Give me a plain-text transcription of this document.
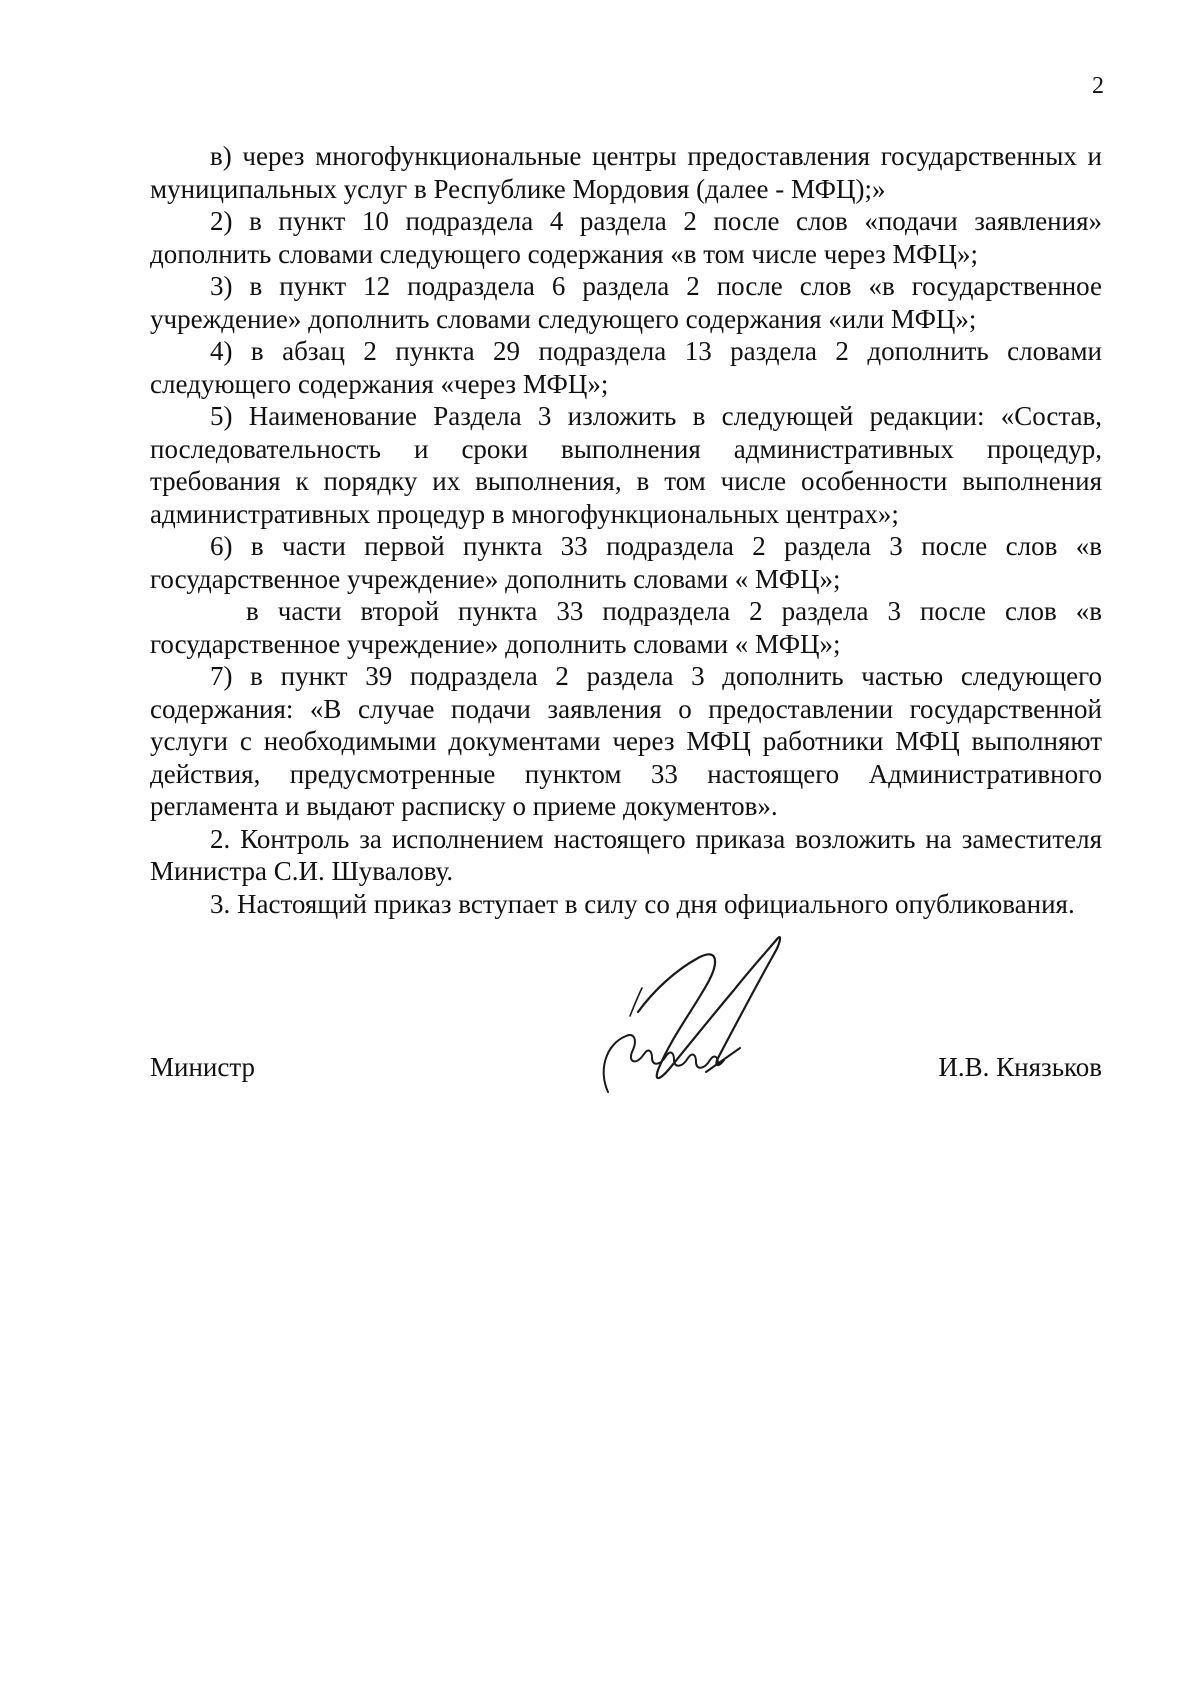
2

в) через многофункциональные центры предоставления государственных и муниципальных услуг в Республике Мордовия (далее - МФЦ);»

2) в пункт 10 подраздела 4 раздела 2 после слов «подачи заявления» дополнить словами следующего содержания «в том числе через МФЦ»;

3) в пункт 12 подраздела 6 раздела 2 после слов «в государственное учреждение» дополнить словами следующего содержания «или МФЦ»;

4) в абзац 2 пункта 29 подраздела 13 раздела 2 дополнить словами следующего содержания «через МФЦ»;

5) Наименование Раздела 3 изложить в следующей редакции: «Состав, последовательность и сроки выполнения административных процедур, требования к порядку их выполнения, в том числе особенности выполнения административных процедур в многофункциональных центрах»;

6) в части первой пункта 33 подраздела 2 раздела 3 после слов «в государственное учреждение» дополнить словами « МФЦ»;

в части второй пункта 33 подраздела 2 раздела 3 после слов «в государственное учреждение» дополнить словами « МФЦ»;

7) в пункт 39 подраздела 2 раздела 3 дополнить частью следующего содержания: «В случае подачи заявления о предоставлении государственной услуги с необходимыми документами через МФЦ работники МФЦ выполняют действия, предусмотренные пунктом 33 настоящего Административного регламента и выдают расписку о приеме документов».

2. Контроль за исполнением настоящего приказа возложить на заместителя Министра С.И. Шувалову.

3. Настоящий приказ вступает в силу со дня официального опубликования.

Министр	И.В. Князьков
